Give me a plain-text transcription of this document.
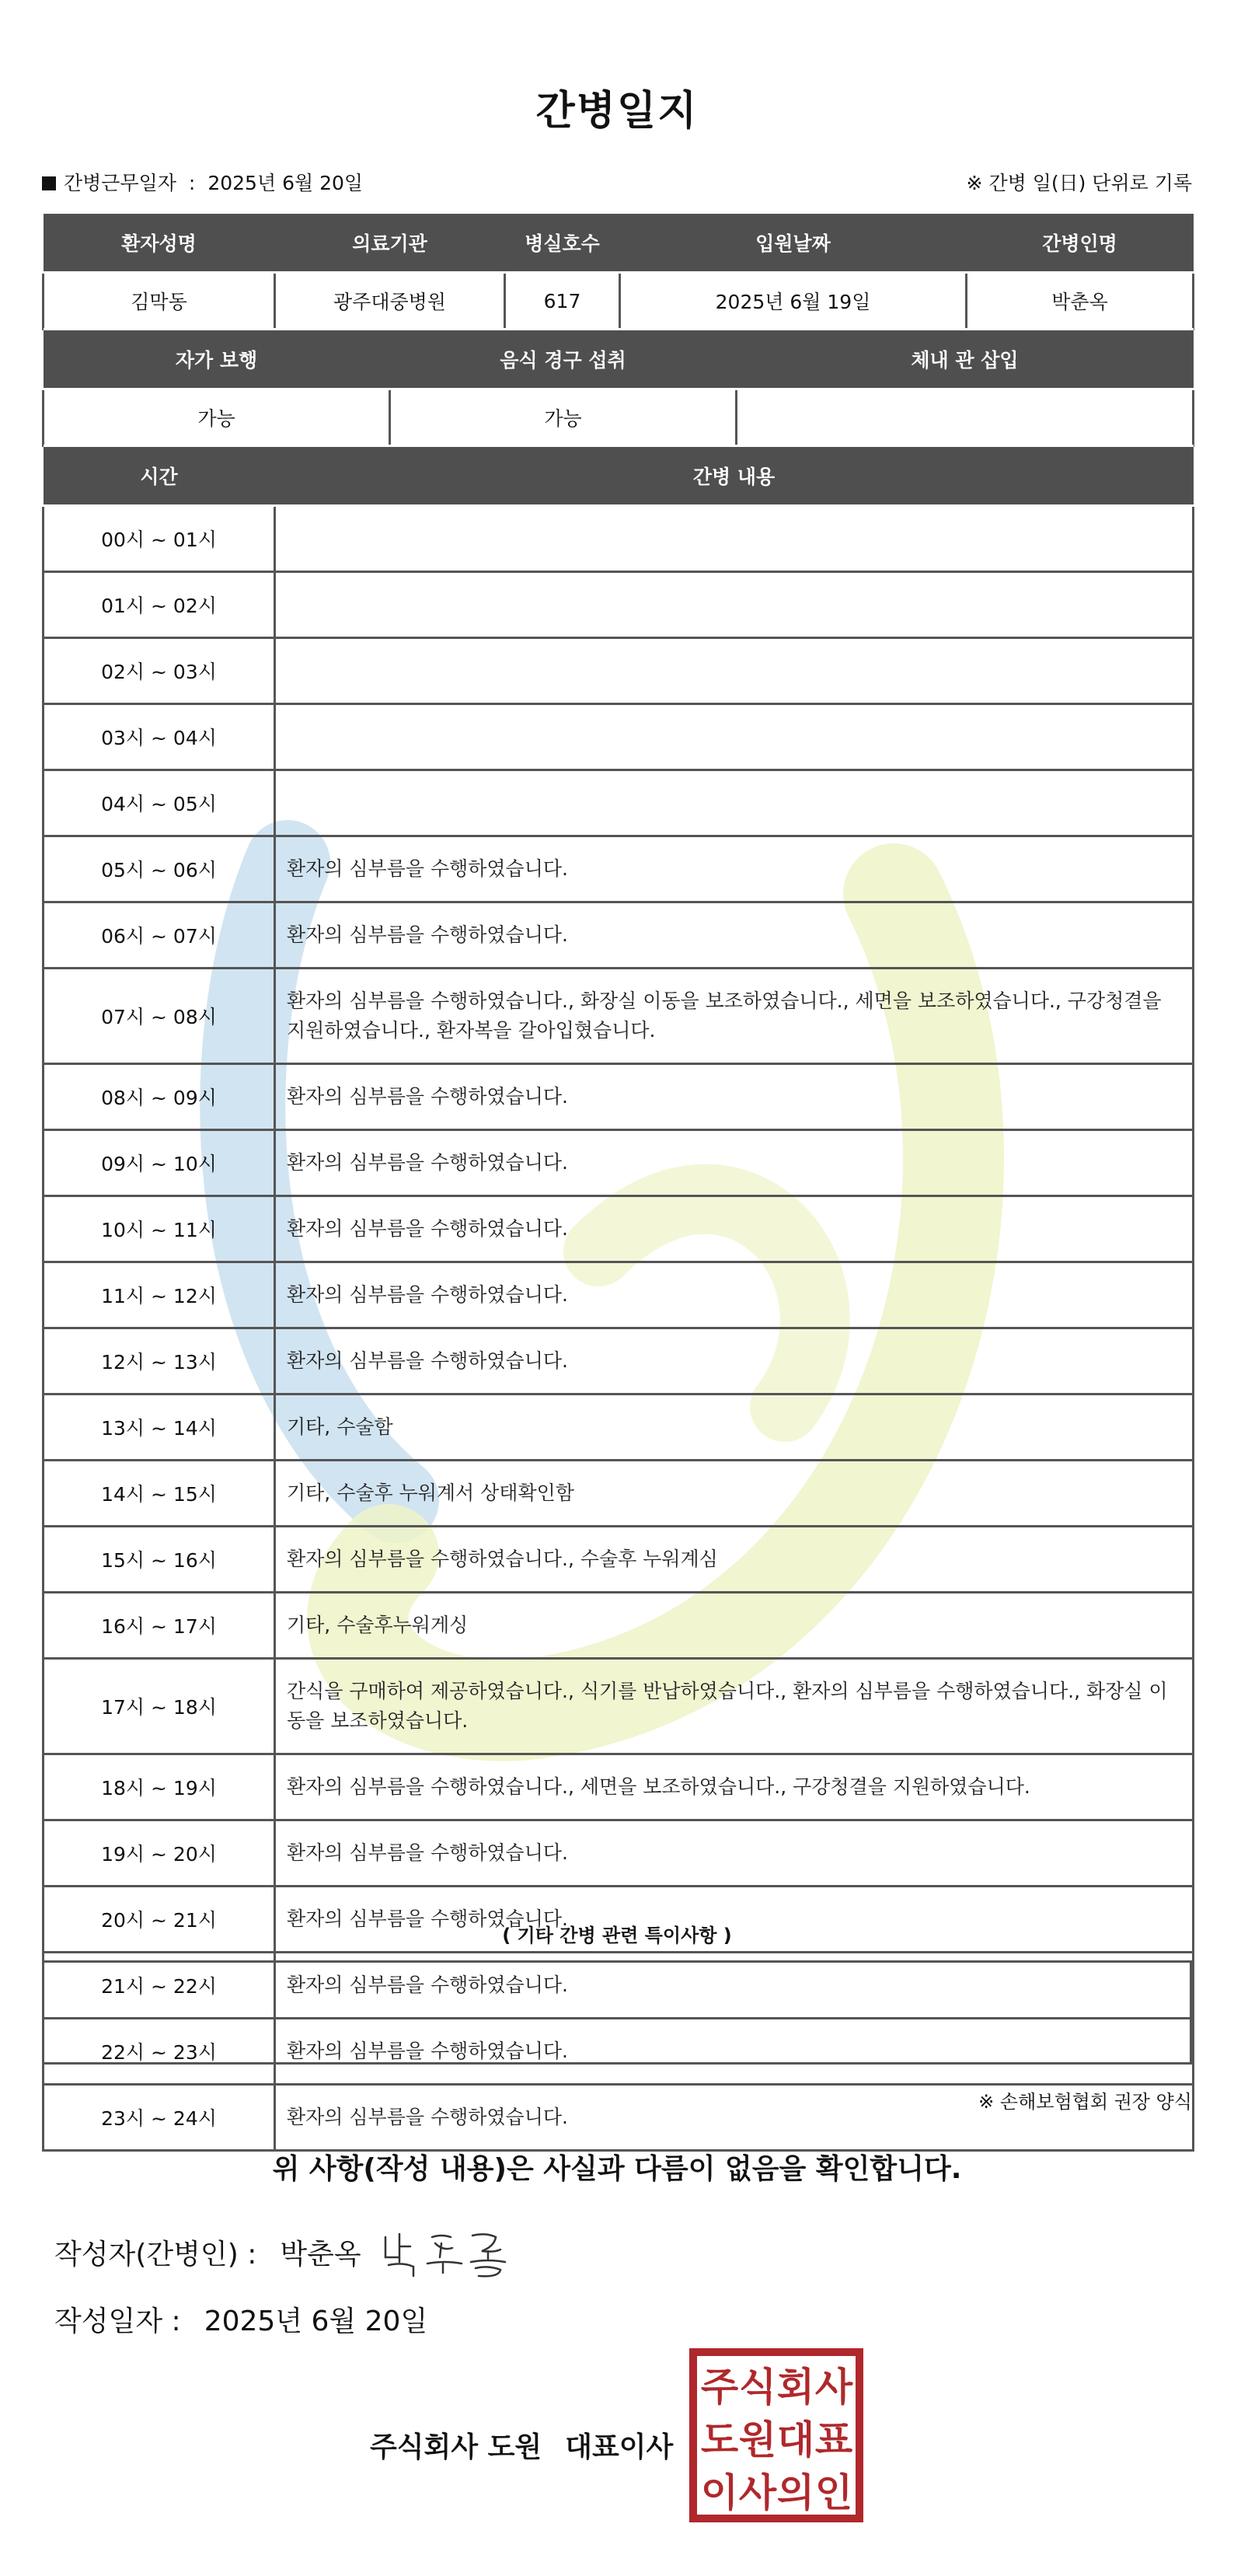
간병일지
간병근무일자 : 2025년 6월 20일	※ 간병 일(日) 단위로 기록
환자성명	의료기관	병실호수	입원날짜	간병인명
김막동	광주대중병원	617	2025년 6월 19일	박춘옥
자가 보행	음식 경구 섭취	체내 관 삽입
가능	가능	
시간	간병 내용
00시 ~ 01시	
01시 ~ 02시	
02시 ~ 03시	
03시 ~ 04시	
04시 ~ 05시	
05시 ~ 06시	환자의 심부름을 수행하였습니다.
06시 ~ 07시	환자의 심부름을 수행하였습니다.
07시 ~ 08시	환자의 심부름을 수행하였습니다., 화장실 이동을 보조하였습니다., 세면을 보조하였습니다., 구강청결을 지원하였습니다., 환자복을 갈아입혔습니다.
08시 ~ 09시	환자의 심부름을 수행하였습니다.
09시 ~ 10시	환자의 심부름을 수행하였습니다.
10시 ~ 11시	환자의 심부름을 수행하였습니다.
11시 ~ 12시	환자의 심부름을 수행하였습니다.
12시 ~ 13시	환자의 심부름을 수행하였습니다.
13시 ~ 14시	기타, 수술함
14시 ~ 15시	기타, 수술후 누워계서 상태확인함
15시 ~ 16시	환자의 심부름을 수행하였습니다., 수술후 누워계심
16시 ~ 17시	기타, 수술후누워게싱
17시 ~ 18시	간식을 구매하여 제공하였습니다., 식기를 반납하였습니다., 환자의 심부름을 수행하였습니다., 화장실 이동을 보조하였습니다.
18시 ~ 19시	환자의 심부름을 수행하였습니다., 세면을 보조하였습니다., 구강청결을 지원하였습니다.
19시 ~ 20시	환자의 심부름을 수행하였습니다.
20시 ~ 21시	환자의 심부름을 수행하였습니다.
21시 ~ 22시	환자의 심부름을 수행하였습니다.
22시 ~ 23시	환자의 심부름을 수행하였습니다.
23시 ~ 24시	환자의 심부름을 수행하였습니다.
( 기타 간병 관련 특이사항 )
※ 손해보험협회 권장 양식
위 사항(작성 내용)은 사실과 다름이 없음을 확인합니다.
작성자(간병인) : 박춘옥
작성일자 : 2025년 6월 20일
주식회사 도원 대표이사
주 식 회 사
도 원 대 표
이 사 의 인
